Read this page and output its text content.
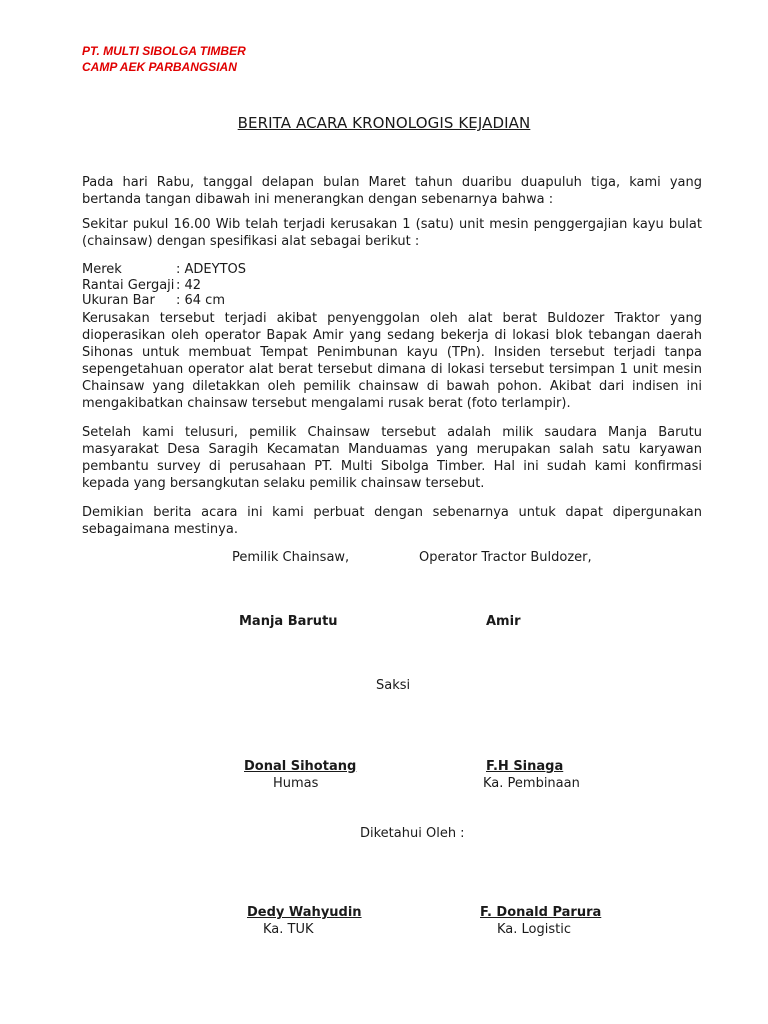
PT. MULTI SIBOLGA TIMBER
CAMP AEK PARBANGSIAN
BERITA ACARA KRONOLOGIS KEJADIAN

Pada hari Rabu, tanggal delapan bulan Maret tahun duaribu duapuluh tiga, kami yang bertanda tangan dibawah ini menerangkan dengan sebenarnya bahwa :

Sekitar pukul 16.00 Wib telah terjadi kerusakan 1 (satu) unit mesin penggergajian kayu bulat (chainsaw) dengan spesifikasi alat sebagai berikut :

Merek	: ADEYTOS
Rantai Gergaji : 42
Ukuran Bar	: 64 cm

Kerusakan tersebut terjadi akibat penyenggolan oleh alat berat Buldozer Traktor yang dioperasikan oleh operator Bapak Amir yang sedang bekerja di lokasi blok tebangan daerah Sihonas untuk membuat Tempat Penimbunan kayu (TPn). Insiden tersebut terjadi tanpa sepengetahuan operator alat berat tersebut dimana di lokasi tersebut tersimpan 1 unit mesin Chainsaw yang diletakkan oleh pemilik chainsaw di bawah pohon. Akibat dari indisen ini mengakibatkan chainsaw tersebut mengalami rusak berat (foto terlampir).

Setelah kami telusuri, pemilik Chainsaw tersebut adalah milik saudara Manja Barutu masyarakat Desa Saragih Kecamatan Manduamas yang merupakan salah satu karyawan pembantu survey di perusahaan PT. Multi Sibolga Timber. Hal ini sudah kami konfirmasi kepada yang bersangkutan selaku pemilik chainsaw tersebut.

Demikian berita acara ini kami perbuat dengan sebenarnya untuk dapat dipergunakan sebagaimana mestinya.

Pemilik Chainsaw,	Operator Tractor Buldozer,
Manja Barutu	Amir
Saksi
Donal Sihotang
Humas
F.H Sinaga
Ka. Pembinaan
Diketahui Oleh :
Dedy Wahyudin
Ka. TUK
F. Donald Parura
Ka. Logistic
